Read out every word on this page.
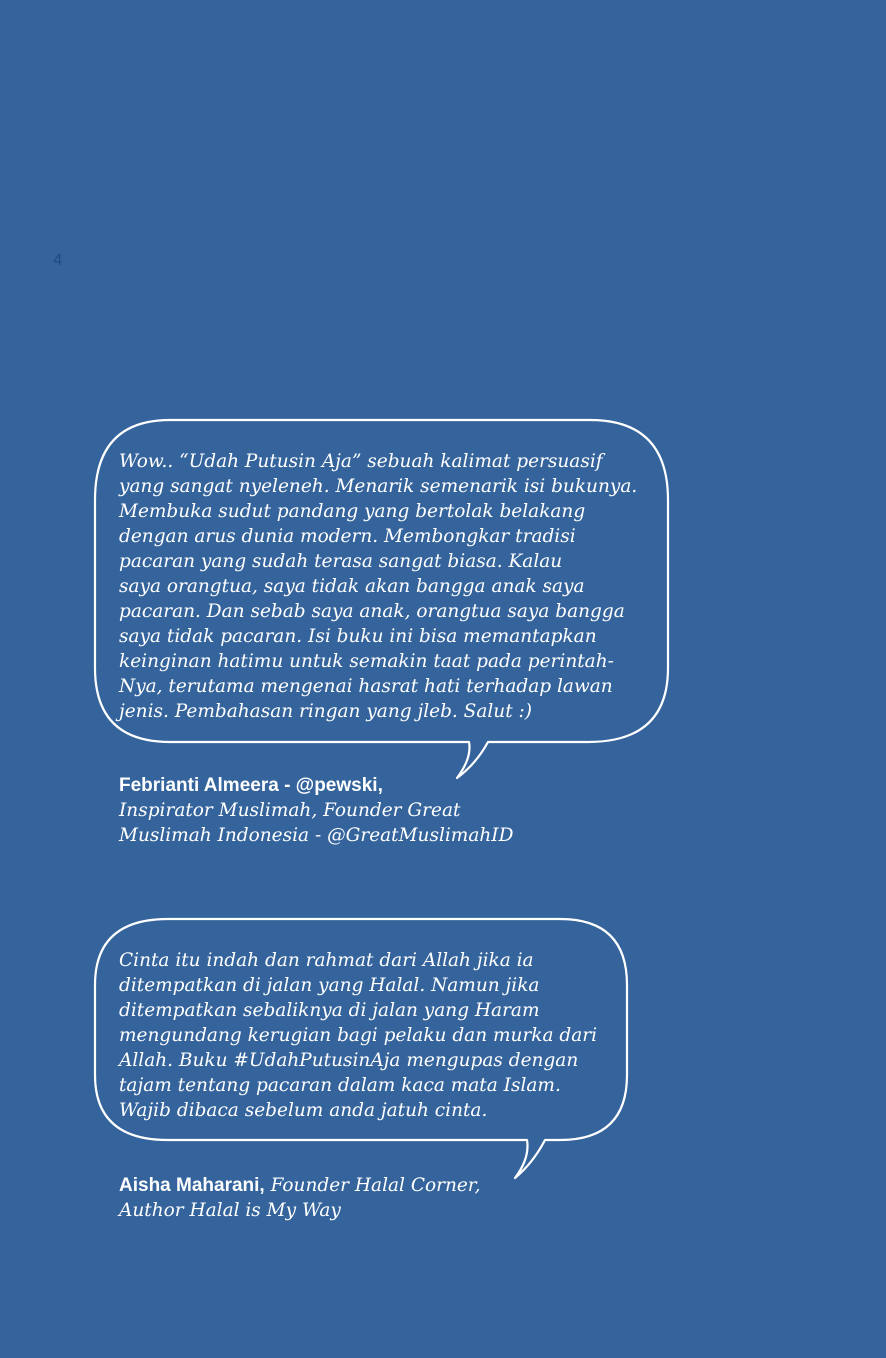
4

Wow.. “Udah Putusin Aja” sebuah kalimat persuasif
yang sangat nyeleneh. Menarik semenarik isi bukunya.
Membuka sudut pandang yang bertolak belakang
dengan arus dunia modern. Membongkar tradisi
pacaran yang sudah terasa sangat biasa. Kalau
saya orangtua, saya tidak akan bangga anak saya
pacaran. Dan sebab saya anak, orangtua saya bangga
saya tidak pacaran. Isi buku ini bisa memantapkan
keinginan hatimu untuk semakin taat pada perintah-
Nya, terutama mengenai hasrat hati terhadap lawan
jenis. Pembahasan ringan yang jleb. Salut :)

Febrianti Almeera - @pewski,
Inspirator Muslimah, Founder Great
Muslimah Indonesia - @GreatMuslimahID

Cinta itu indah dan rahmat dari Allah jika ia
ditempatkan di jalan yang Halal. Namun jika
ditempatkan sebaliknya di jalan yang Haram
mengundang kerugian bagi pelaku dan murka dari
Allah. Buku #UdahPutusinAja mengupas dengan
tajam tentang pacaran dalam kaca mata Islam.
Wajib dibaca sebelum anda jatuh cinta.

Aisha Maharani, Founder Halal Corner,
Author Halal is My Way
